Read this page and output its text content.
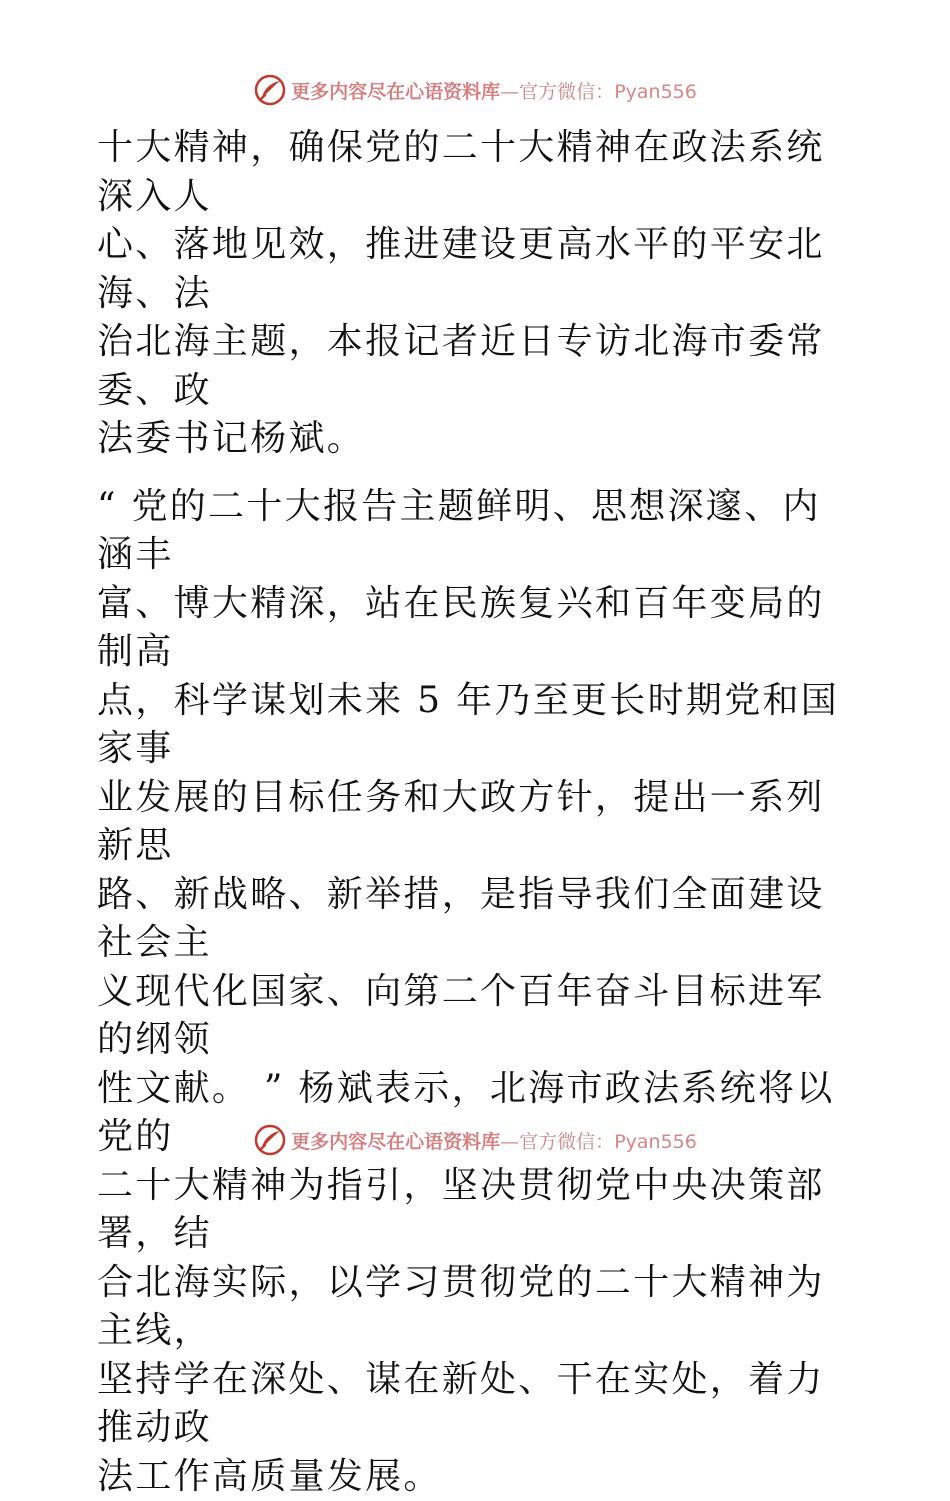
更多内容尽在心语资料库—官方微信：Pyan556

十大精神，确保党的二十大精神在政法系统深入人
心、落地见效，推进建设更高水平的平安北海、法
治北海主题，本报记者近日专访北海市委常委、政
法委书记杨斌。

“ 党的二十大报告主题鲜明、思想深邃、内涵丰
富、博大精深，站在民族复兴和百年变局的制高
点，科学谋划未来 5 年乃至更长时期党和国家事
业发展的目标任务和大政方针，提出一系列新思
路、新战略、新举措，是指导我们全面建设社会主
义现代化国家、向第二个百年奋斗目标进军的纲领
性文献。 ” 杨斌表示，北海市政法系统将以党的
二十大精神为指引，坚决贯彻党中央决策部署，结
合北海实际，以学习贯彻党的二十大精神为主线，
坚持学在深处、谋在新处、干在实处，着力推动政
法工作高质量发展。

更多内容尽在心语资料库—官方微信：Pyan556
